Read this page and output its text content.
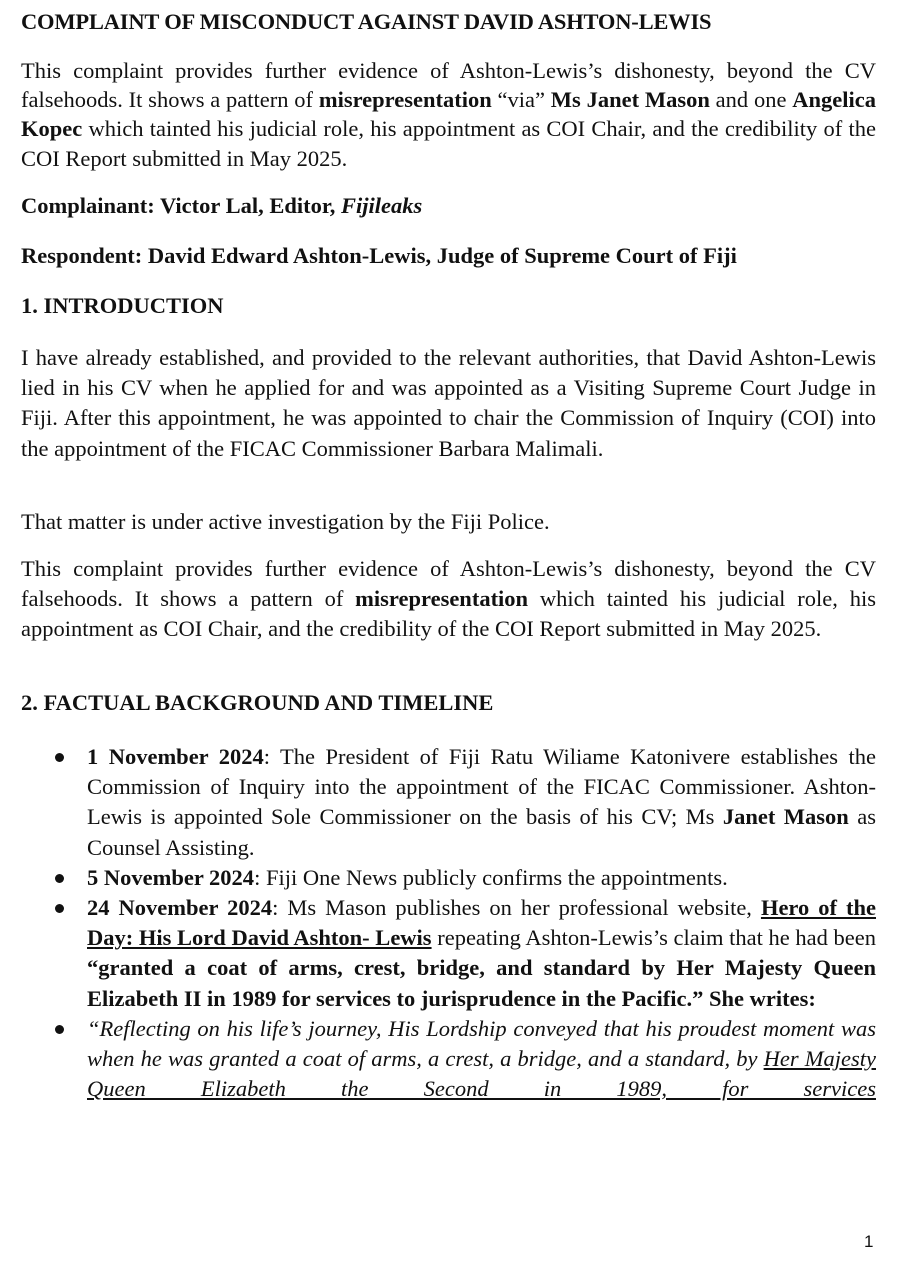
COMPLAINT OF MISCONDUCT AGAINST DAVID ASHTON-LEWIS

This complaint provides further evidence of Ashton-Lewis’s dishonesty, beyond the CV falsehoods. It shows a pattern of misrepresentation “via” Ms Janet Mason and one Angelica Kopec which tainted his judicial role, his appointment as COI Chair, and the credibility of the COI Report submitted in May 2025.

Complainant: Victor Lal, Editor, Fijileaks
Respondent: David Edward Ashton-Lewis, Judge of Supreme Court of Fiji
1. INTRODUCTION

I have already established, and provided to the relevant authorities, that David Ashton-Lewis lied in his CV when he applied for and was appointed as a Visiting Supreme Court Judge in Fiji. After this appointment, he was appointed to chair the Commission of Inquiry (COI) into the appointment of the FICAC Commissioner Barbara Malimali.

That matter is under active investigation by the Fiji Police.

This complaint provides further evidence of Ashton-Lewis’s dishonesty, beyond the CV falsehoods. It shows a pattern of misrepresentation which tainted his judicial role, his appointment as COI Chair, and the credibility of the COI Report submitted in May 2025.

2. FACTUAL BACKGROUND AND TIMELINE
1 November 2024: The President of Fiji Ratu Wiliame Katonivere establishes the Commission of Inquiry into the appointment of the FICAC Commissioner. Ashton-Lewis is appointed Sole Commissioner on the basis of his CV; Ms Janet Mason as Counsel Assisting.
5 November 2024: Fiji One News publicly confirms the appointments.
24 November 2024: Ms Mason publishes on her professional website, Hero of the Day: His Lord David Ashton- Lewis repeating Ashton-Lewis’s claim that he had been “granted a coat of arms, crest, bridge, and standard by Her Majesty Queen Elizabeth II in 1989 for services to jurisprudence in the Pacific.” She writes:
“Reflecting on his life’s journey, His Lordship conveyed that his proudest moment was when he was granted a coat of arms, a crest, a bridge, and a standard, by Her Majesty Queen Elizabeth the Second in 1989, for services
1
